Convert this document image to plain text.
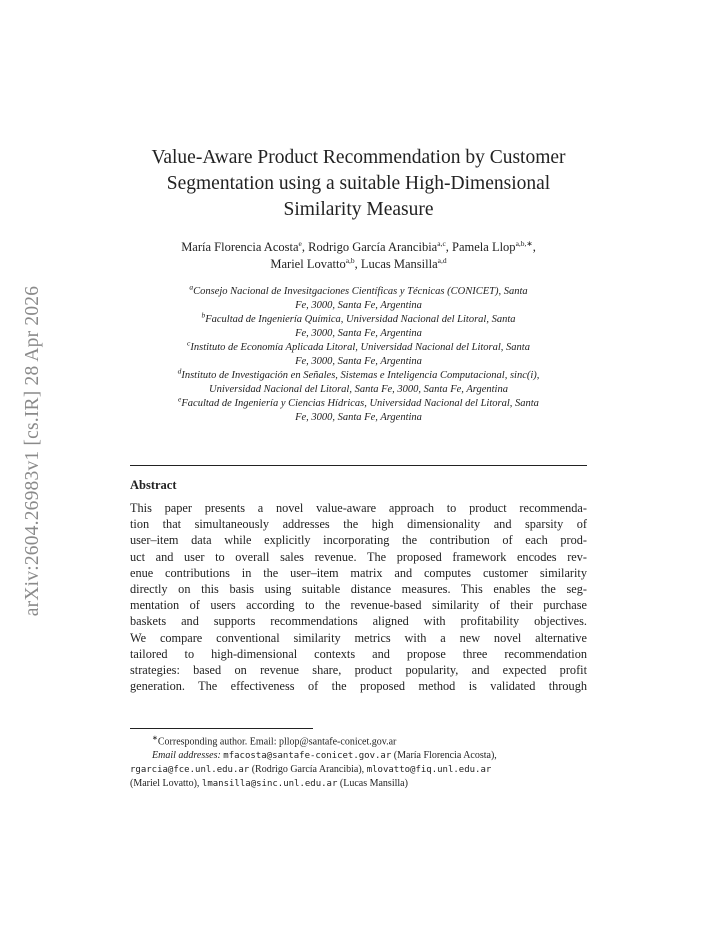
arXiv:2604.26983v1 [cs.IR] 28 Apr 2026
Value-Aware Product Recommendation by Customer
Segmentation using a suitable High-Dimensional
Similarity Measure
María Florencia Acosta$^e$, Rodrigo García Arancibia$^{a,c}$, Pamela Llop$^{a,b,∗}$,
Mariel Lovatto$^{a,b}$, Lucas Mansilla$^{a,d}$
$^a$Consejo Nacional de Invesitgaciones Científicas y Técnicas (CONICET), Santa
Fe, 3000, Santa Fe, Argentina
$^b$Facultad de Ingeniería Química, Universidad Nacional del Litoral, Santa
Fe, 3000, Santa Fe, Argentina
$^c$Instituto de Economía Aplicada Litoral, Universidad Nacional del Litoral, Santa
Fe, 3000, Santa Fe, Argentina
$^d$Instituto de Investigación en Señales, Sistemas e Inteligencia Computacional, sinc(i),
Universidad Nacional del Litoral, Santa Fe, 3000, Santa Fe, Argentina
$^e$Facultad de Ingeniería y Ciencias Hídricas, Universidad Nacional del Litoral, Santa
Fe, 3000, Santa Fe, Argentina
Abstract
This paper presents a novel value-aware approach to product recommenda-
tion that simultaneously addresses the high dimensionality and sparsity of
user–item data while explicitly incorporating the contribution of each prod-
uct and user to overall sales revenue. The proposed framework encodes rev-
enue contributions in the user–item matrix and computes customer similarity
directly on this basis using suitable distance measures. This enables the seg-
mentation of users according to the revenue-based similarity of their purchase
baskets and supports recommendations aligned with profitability objectives.
We compare conventional similarity metrics with a new novel alternative
tailored to high-dimensional contexts and propose three recommendation
strategies: based on revenue share, product popularity, and expected profit
generation. The effectiveness of the proposed method is validated through
∗Corresponding author. Email: pllop@santafe-conicet.gov.ar
Email addresses: mfacosta@santafe-conicet.gov.ar (María Florencia Acosta),
rgarcia@fce.unl.edu.ar (Rodrigo García Arancibia), mlovatto@fiq.unl.edu.ar
(Mariel Lovatto), lmansilla@sinc.unl.edu.ar (Lucas Mansilla)
